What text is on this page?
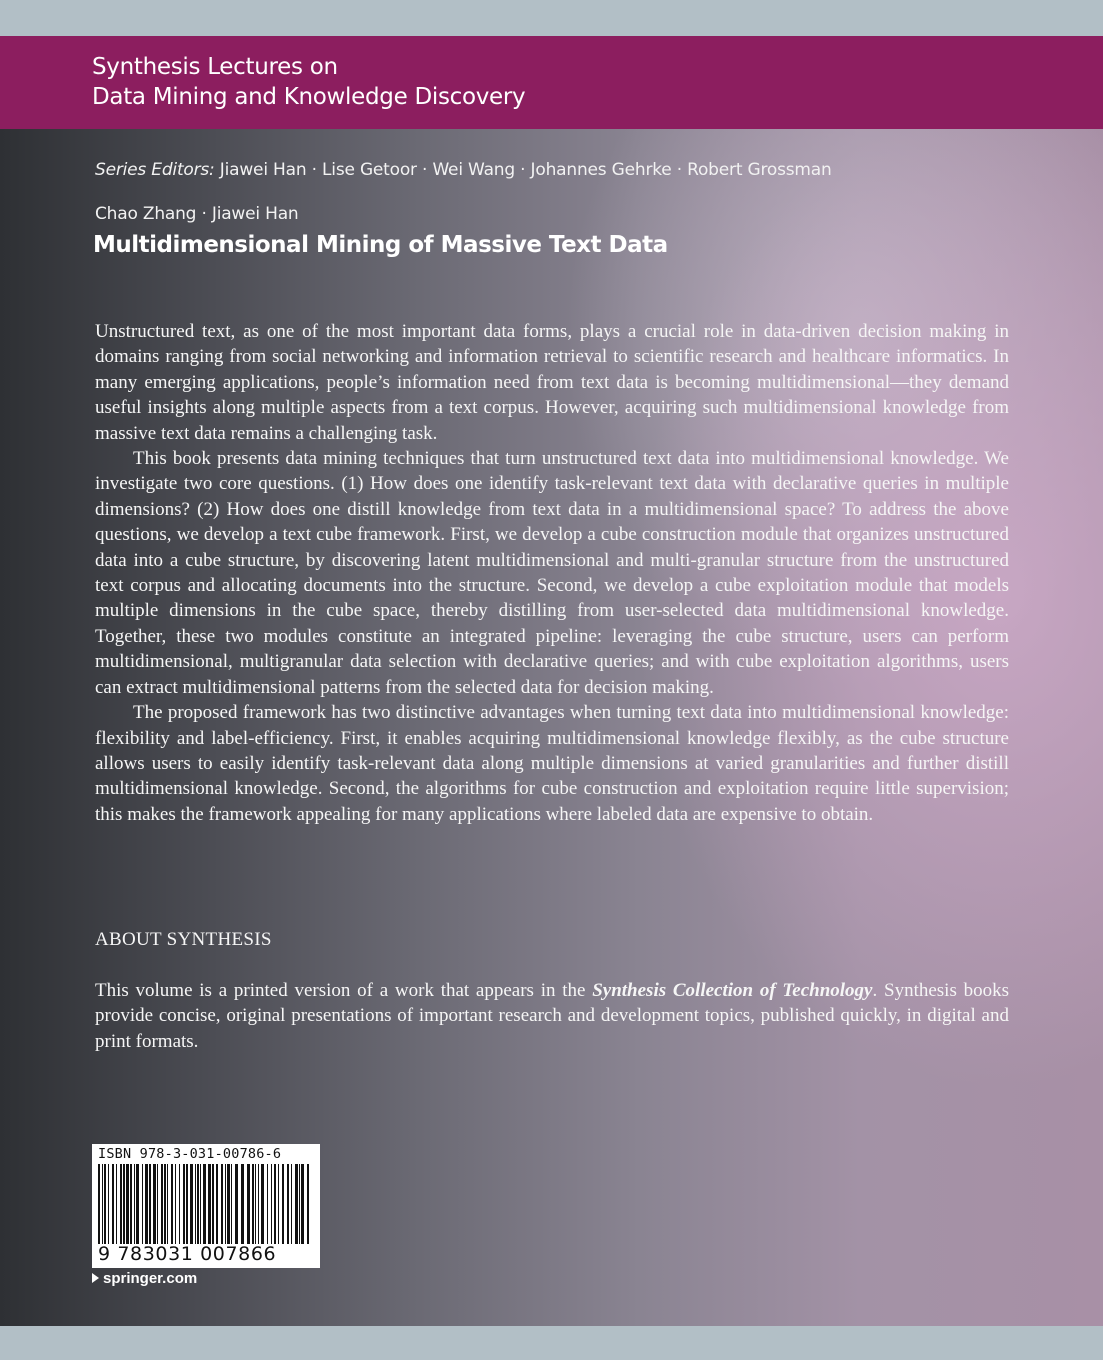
Synthesis Lectures on
Data Mining and Knowledge Discovery
Series Editors: Jiawei Han · Lise Getoor · Wei Wang · Johannes Gehrke · Robert Grossman
Chao Zhang · Jiawei Han
Multidimensional Mining of Massive Text Data

Unstructured text, as one of the most important data forms, plays a crucial role in data-driven decision making in domains ranging from social networking and information retrieval to scientific research and healthcare informatics. In many emerging applications, people’s information need from text data is becoming multidimensional—they demand useful insights along multiple aspects from a text corpus. However, acquiring such multidimensional knowledge from massive text data remains a challenging task.

This book presents data mining techniques that turn unstructured text data into multidimensional knowledge. We investigate two core questions. (1) How does one identify task-relevant text data with declarative queries in multiple dimensions? (2) How does one distill knowledge from text data in a multidimensional space? To address the above questions, we develop a text cube framework. First, we develop a cube construction module that organizes unstructured data into a cube structure, by discovering latent multidimensional and multi-granular structure from the unstructured text corpus and allocating documents into the structure. Second, we develop a cube exploitation module that models multiple dimensions in the cube space, thereby distilling from user-selected data multidimensional knowledge. Together, these two modules constitute an integrated pipeline: leveraging the cube structure, users can perform multidimensional, multigranular data selection with declarative queries; and with cube exploitation algorithms, users can extract multidimensional patterns from the selected data for decision making.

The proposed framework has two distinctive advantages when turning text data into multidimensional knowledge: flexibility and label-efficiency. First, it enables acquiring multidimensional knowledge flexibly, as the cube structure allows users to easily identify task-relevant data along multiple dimensions at varied granularities and further distill multidimensional knowledge. Second, the algorithms for cube construction and exploitation require little supervision; this makes the framework appealing for many applications where labeled data are expensive to obtain.

ABOUT SYNTHESIS

This volume is a printed version of a work that appears in the Synthesis Collection of Technology. Synthesis books provide concise, original presentations of important research and development topics, published quickly, in digital and print formats.

ISBN 978-3-031-00786-6
9 783031 007866
springer.com
